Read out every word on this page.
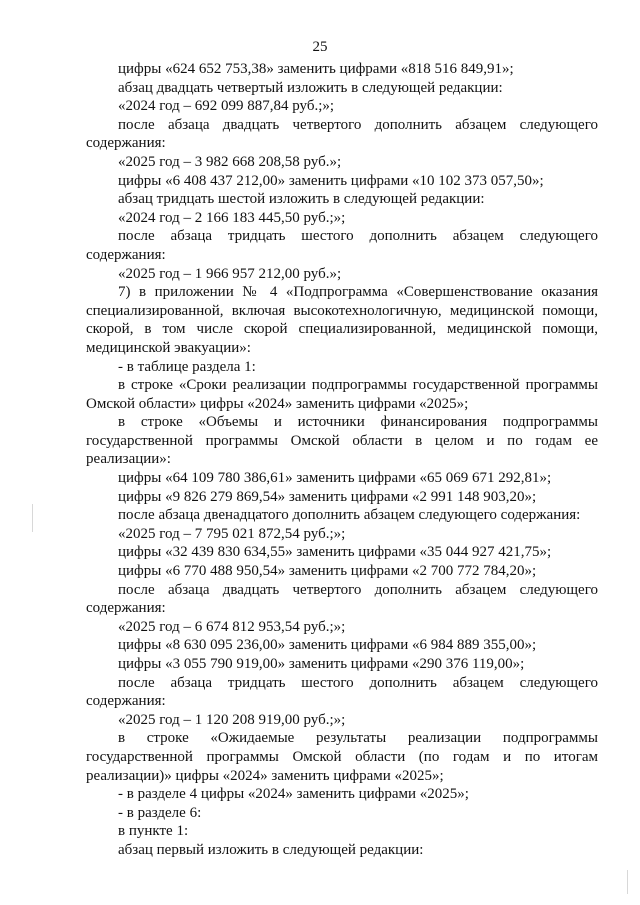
25

цифры «624 652 753,38» заменить цифрами «818 516 849,91»;

абзац двадцать четвертый изложить в следующей редакции:

«2024 год – 692 099 887,84 руб.;»;

после абзаца двадцать четвертого дополнить абзацем следующего содержания:

«2025 год – 3 982 668 208,58 руб.»;

цифры «6 408 437 212,00» заменить цифрами «10 102 373 057,50»;

абзац тридцать шестой изложить в следующей редакции:

«2024 год – 2 166 183 445,50 руб.;»;

после абзаца тридцать шестого дополнить абзацем следующего содержания:

«2025 год – 1 966 957 212,00 руб.»;

7) в приложении № 4 «Подпрограмма «Совершенствование оказания специализированной, включая высокотехнологичную, медицинской помощи, скорой, в том числе скорой специализированной, медицинской помощи, медицинской эвакуации»:

- в таблице раздела 1:

в строке «Сроки реализации подпрограммы государственной программы Омской области» цифры «2024» заменить цифрами «2025»;

в строке «Объемы и источники финансирования подпрограммы государственной программы Омской области в целом и по годам ее реализации»:

цифры «64 109 780 386,61» заменить цифрами «65 069 671 292,81»;

цифры «9 826 279 869,54» заменить цифрами «2 991 148 903,20»;

после абзаца двенадцатого дополнить абзацем следующего содержания:

«2025 год – 7 795 021 872,54 руб.;»;

цифры «32 439 830 634,55» заменить цифрами «35 044 927 421,75»;

цифры «6 770 488 950,54» заменить цифрами «2 700 772 784,20»;

после абзаца двадцать четвертого дополнить абзацем следующего содержания:

«2025 год – 6 674 812 953,54 руб.;»;

цифры «8 630 095 236,00» заменить цифрами «6 984 889 355,00»;

цифры «3 055 790 919,00» заменить цифрами «290 376 119,00»;

после абзаца тридцать шестого дополнить абзацем следующего содержания:

«2025 год – 1 120 208 919,00 руб.;»;

в строке «Ожидаемые результаты реализации подпрограммы государственной программы Омской области (по годам и по итогам реализации)» цифры «2024» заменить цифрами «2025»;

- в разделе 4 цифры «2024» заменить цифрами «2025»;

- в разделе 6:

в пункте 1:

абзац первый изложить в следующей редакции:
